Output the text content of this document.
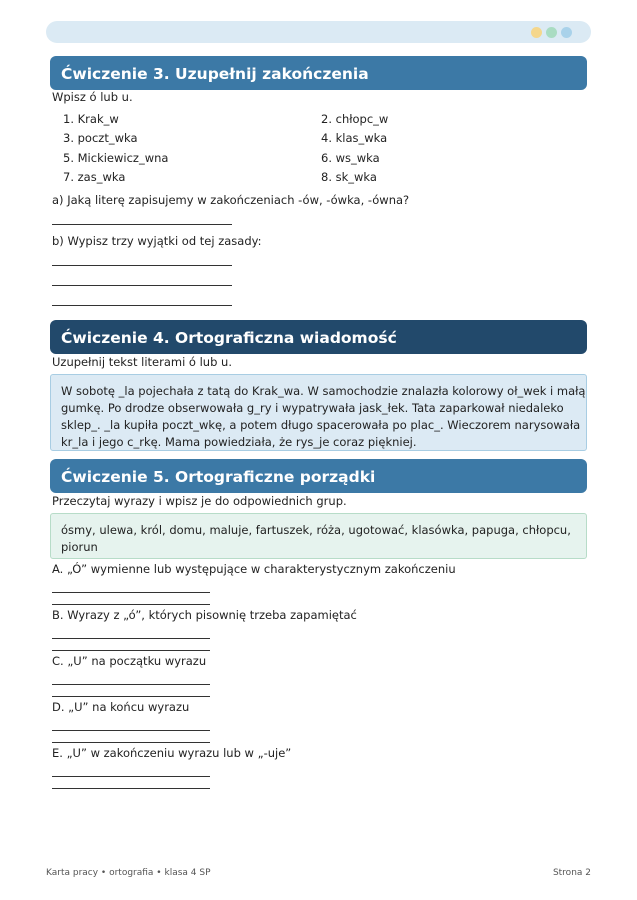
Ćwiczenie 3. Uzupełnij zakończenia
Wpisz ó lub u.
1. Krak_w	2. chłopc_w
3. poczt_wka	4. klas_wka
5. Mickiewicz_wna	6. ws_wka
7. zas_wka	8. sk_wka
a) Jaką literę zapisujemy w zakończeniach -ów, -ówka, -ówna?
b) Wypisz trzy wyjątki od tej zasady:
Ćwiczenie 4. Ortograficzna wiadomość
Uzupełnij tekst literami ó lub u.
W sobotę _la pojechała z tatą do Krak_wa. W samochodzie znalazła kolorowy oł_wek i małą
gumkę. Po drodze obserwowała g_ry i wypatrywała jask_łek. Tata zaparkował niedaleko
sklep_. _la kupiła poczt_wkę, a potem długo spacerowała po plac_. Wieczorem narysowała
kr_la i jego c_rkę. Mama powiedziała, że rys_je coraz piękniej.
Ćwiczenie 5. Ortograficzne porządki
Przeczytaj wyrazy i wpisz je do odpowiednich grup.
ósmy, ulewa, król, domu, maluje, fartuszek, róża, ugotować, klasówka, papuga, chłopcu,
piorun
A. „Ó” wymienne lub występujące w charakterystycznym zakończeniu
B. Wyrazy z „ó”, których pisownię trzeba zapamiętać
C. „U” na początku wyrazu
D. „U” na końcu wyrazu
E. „U” w zakończeniu wyrazu lub w „-uje”
Karta pracy • ortografia • klasa 4 SP	Strona 2
